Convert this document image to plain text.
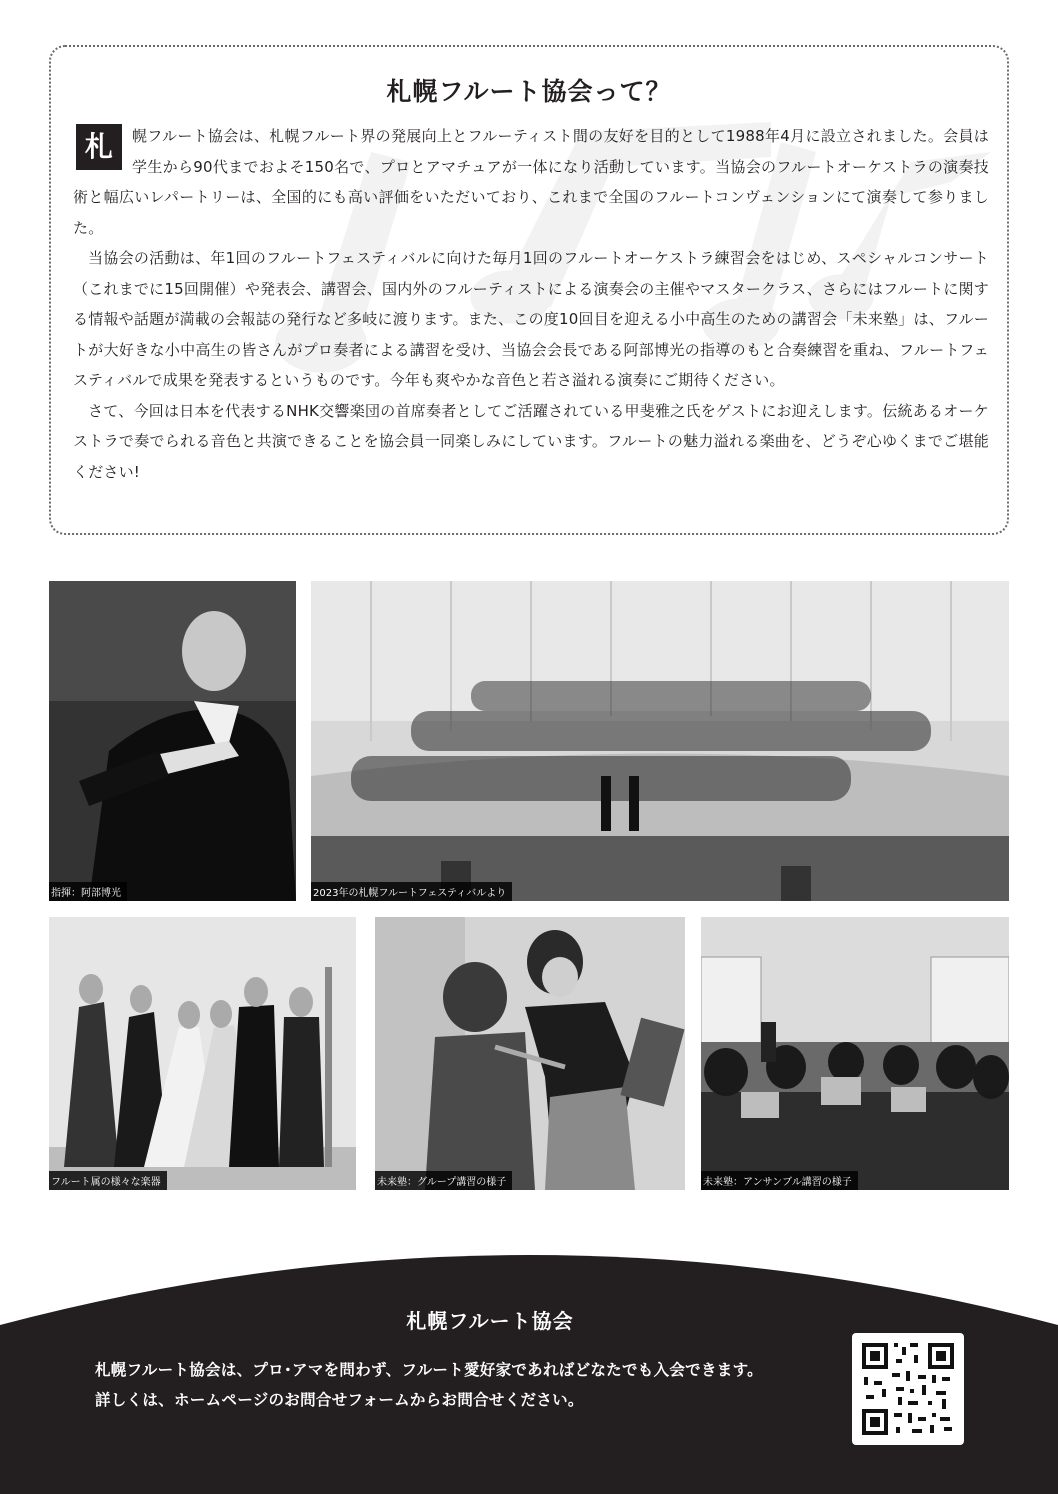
札幌フルート協会って？

札	幌フルート協会は、札幌フルート界の発展向上とフルーティスト間の友好を目的として1988年4月に設立されました。会員は学生から90代までおよそ150名で、プロとアマチュアが一体になり活動しています。当協会のフルートオーケストラの演奏技術と幅広いレパートリーは、全国的にも高い評価をいただいており、これまで全国のフルートコンヴェンションにて演奏して参りました。

当協会の活動は、年1回のフルートフェスティバルに向けた毎月1回のフルートオーケストラ練習会をはじめ、スペシャルコンサート（これまでに15回開催）や発表会、講習会、国内外のフルーティストによる演奏会の主催やマスタークラス、さらにはフルートに関する情報や話題が満載の会報誌の発行など多岐に渡ります。また、この度10回目を迎える小中高生のための講習会「未来塾」は、フルートが大好きな小中高生の皆さんがプロ奏者による講習を受け、当協会会長である阿部博光の指導のもと合奏練習を重ね、フルートフェスティバルで成果を発表するというものです。今年も爽やかな音色と若さ溢れる演奏にご期待ください。

さて、今回は日本を代表するNHK交響楽団の首席奏者としてご活躍されている甲斐雅之氏をゲストにお迎えします。伝統あるオーケストラで奏でられる音色と共演できることを協会員一同楽しみにしています。フルートの魅力溢れる楽曲を、どうぞ心ゆくまでご堪能ください!

指揮：阿部博光	2023年の札幌フルートフェスティバルより
フルート属の様々な楽器	未来塾：グループ講習の様子	未来塾：アンサンブル講習の様子
札幌フルート協会
札幌フルート協会は、プロ･アマを問わず、フルート愛好家であればどなたでも入会できます。
詳しくは、ホームページのお問合せフォームからお問合せください。
